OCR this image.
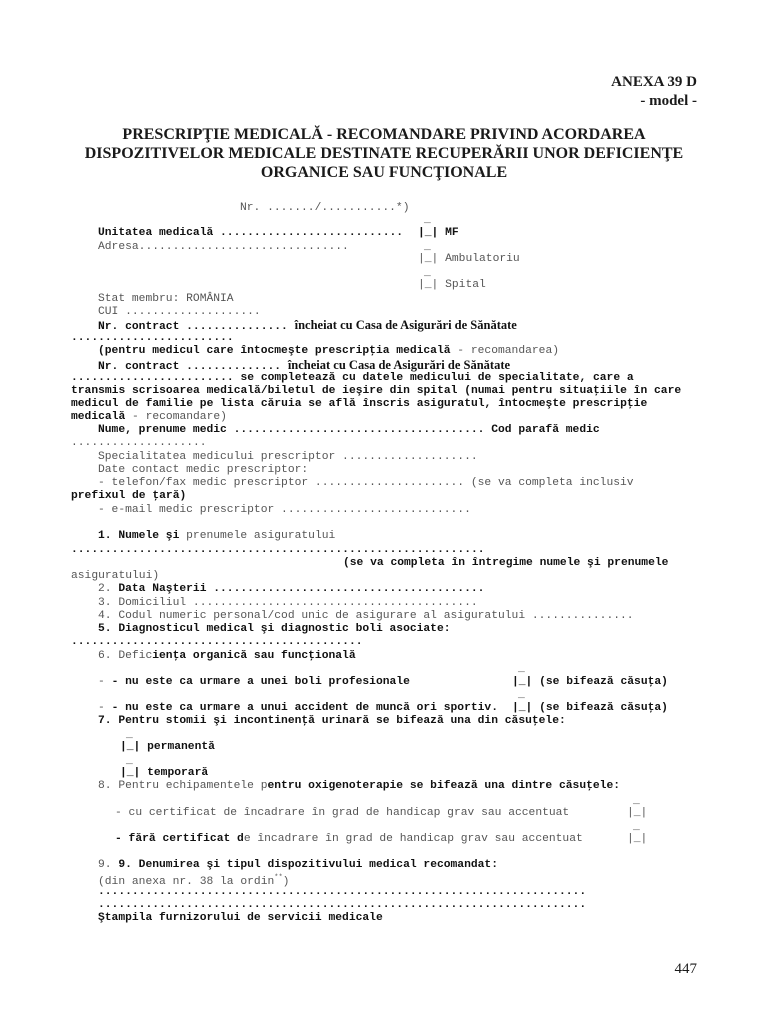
ANEXA 39 D
- model -
PRESCRIPŢIE MEDICALĂ - RECOMANDARE PRIVIND ACORDAREA
DISPOZITIVELOR MEDICALE DESTINATE RECUPERĂRII UNOR DEFICIENŢE
ORGANICE SAU FUNCŢIONALE
Nr. ......./...........*)
_
Unitatea medicală ........................... |_| MF
Adresa...............................	_
|_| Ambulatoriu
_
|_| Spital
Stat membru: ROMÂNIA
CUI ....................
Nr. contract ............... încheiat cu Casa de Asigurări de Sănătate
........................
(pentru medicul care întocmeşte prescripţia medicală - recomandarea)
Nr. contract .............. încheiat cu Casa de Asigurări de Sănătate
........................ se completează cu datele medicului de specialitate, care a
transmis scrisoarea medicală/biletul de ieşire din spital (numai pentru situaţiile în care
medicul de familie pe lista căruia se află înscris asiguratul, întocmeşte prescripţie
medicală - recomandare)
Nume, prenume medic ..................................... Cod parafă medic
....................
Specialitatea medicului prescriptor ....................
Date contact medic prescriptor:
- telefon/fax medic prescriptor ...................... (se va completa inclusiv
prefixul de ţară)
- e-mail medic prescriptor ............................
1. Numele şi prenumele asiguratului
.............................................................
(se va completa în întregime numele şi prenumele
asiguratului)
2. Data Naşterii ........................................
3. Domiciliul ..........................................
4. Codul numeric personal/cod unic de asigurare al asiguratului ...............
5. Diagnosticul medical şi diagnostic boli asociate:
...........................................
6. Deficienţa organică sau funcţională
_
- - nu este ca urmare a unei boli profesionale	|_| (se bifează căsuţa)
_
- - nu este ca urmare a unui accident de muncă ori sportiv. |_| (se bifează căsuţa)
7. Pentru stomii şi incontinenţă urinară se bifează una din căsuţele:
_
|_| permanentă
_
|_| temporară
8. Pentru echipamentele pentru oxigenoterapie se bifează una dintre căsuţele:
_
- cu certificat de încadrare în grad de handicap grav sau accentuat	|_|
_
- fără certificat de încadrare în grad de handicap grav sau accentuat	|_|
9. 9. Denumirea şi tipul dispozitivului medical recomandat:
(din anexa nr. 38 la ordin**)
........................................................................
........................................................................
Ştampila furnizorului de servicii medicale
447
